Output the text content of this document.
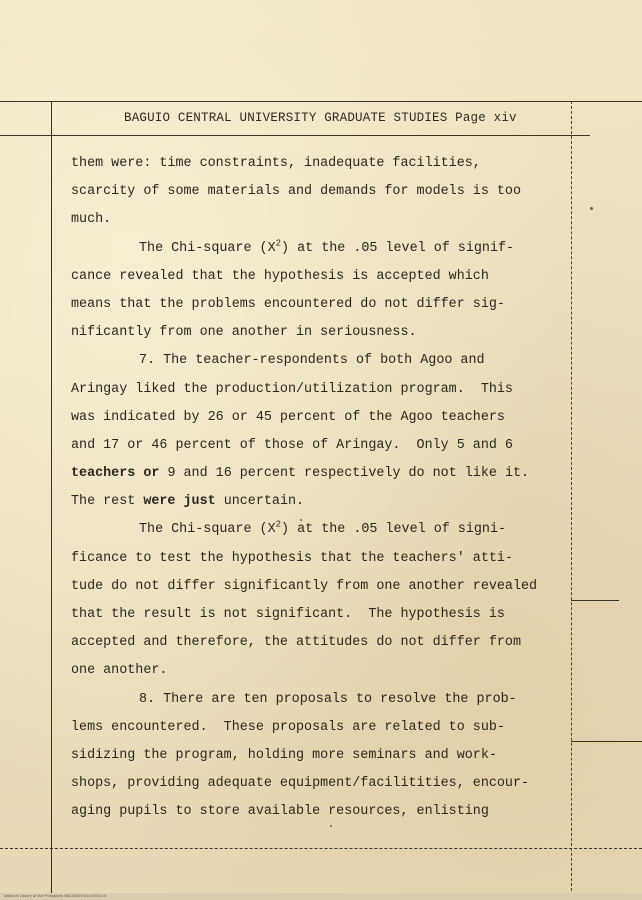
BAGUIO CENTRAL UNIVERSITY GRADUATE STUDIES Page xiv
them were: time constraints, inadequate facilities,
scarcity of some materials and demands for models is too
much.
The Chi-square $(X^2)$ at the .05 level of signif-
cance revealed that the hypothesis is accepted which
means that the problems encountered do not differ sig-
nificantly from one another in seriousness.
7. The teacher-respondents of both Agoo and
Aringay liked the production/utilization program.  This
was indicated by 26 or 45 percent of the Agoo teachers
and 17 or 46 percent of those of Aringay.  Only 5 and 6
teachers or 9 and 16 percent respectively do not like it.
The rest were just uncertain.
The Chi-square $(X^2)$ at the .05 level of signi-
ficance to test the hypothesis that the teachers' atti-
tude do not differ significantly from one another revealed
that the result is not significant.  The hypothesis is
accepted and therefore, the attitudes do not differ from
one another.
8. There are ten proposals to resolve the prob-
lems encountered.  These proposals are related to sub-
sidizing the program, holding more seminars and work-
shops, providing adequate equipment/facilitities, encour-
aging pupils to store available resources, enlisting
National Library of the Philippines BGC000051i1cc0001.tif
